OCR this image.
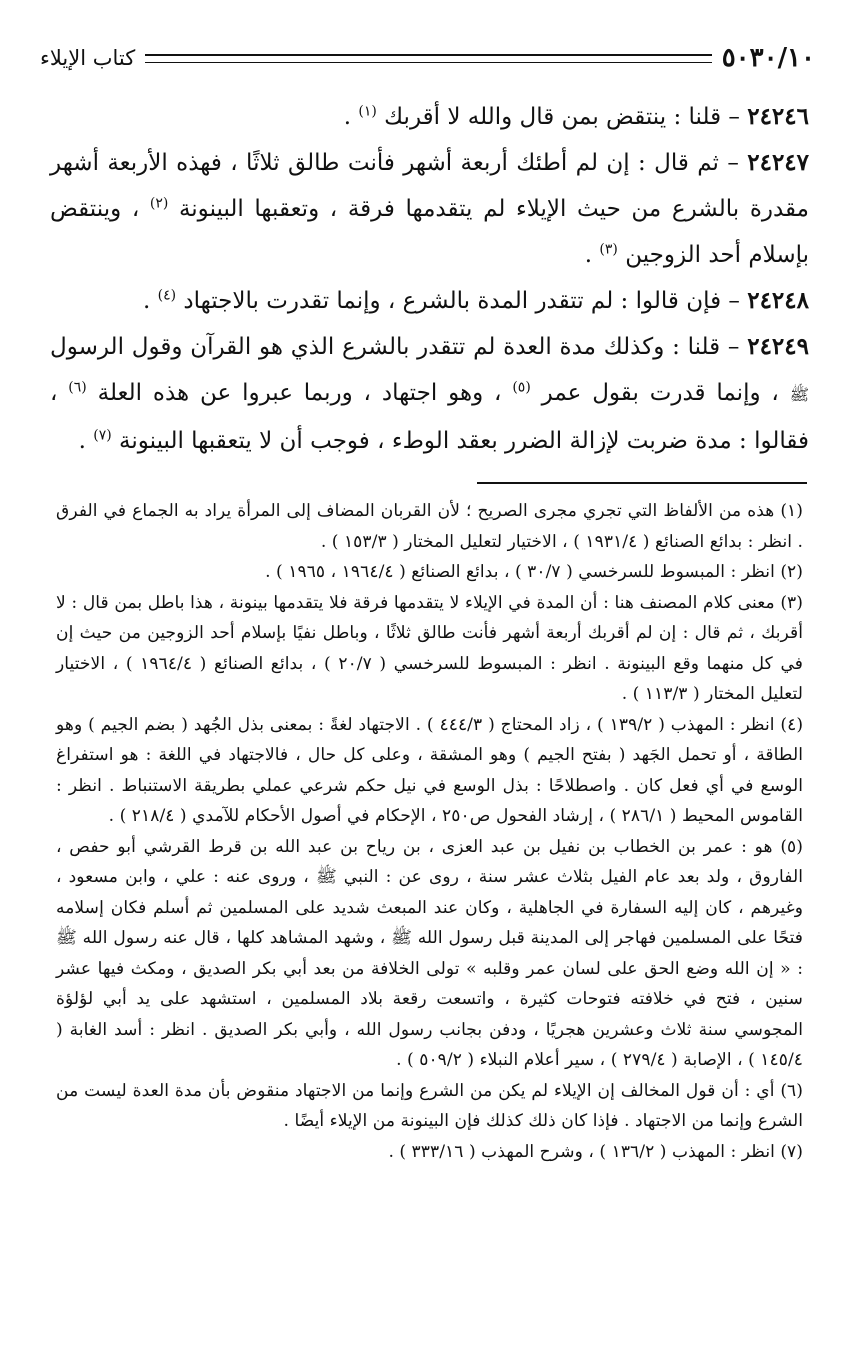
٥٠٣٠/١٠
كتاب الإيلاء

٢٤٢٤٦ – قلنا : ينتقض بمن قال والله لا أقربك $^{(١)}$ .

٢٤٢٤٧ – ثم قال : إن لم أطئك أربعة أشهر فأنت طالق ثلاثًا ، فهذه الأربعة أشهر مقدرة بالشرع من حيث الإيلاء لم يتقدمها فرقة ، وتعقبها البينونة $^{(٢)}$ ، وينتقض بإسلام أحد الزوجين $^{(٣)}$ .

٢٤٢٤٨ – فإن قالوا : لم تتقدر المدة بالشرع ، وإنما تقدرت بالاجتهاد $^{(٤)}$ .

٢٤٢٤٩ – قلنا : وكذلك مدة العدة لم تتقدر بالشرع الذي هو القرآن وقول الرسول ﷺ ، وإنما قدرت بقول عمر $^{(٥)}$ ، وهو اجتهاد ، وربما عبروا عن هذه العلة $^{(٦)}$ ، فقالوا : مدة ضربت لإزالة الضرر بعقد الوطء ، فوجب أن لا يتعقبها البينونة $^{(٧)}$ .

(١) هذه من الألفاظ التي تجري مجرى الصريح ؛ لأن القربان المضاف إلى المرأة يراد به الجماع في الفرق . انظر : بدائع الصنائع ( ١٩٣١/٤ ) ، الاختيار لتعليل المختار ( ١٥٣/٣ ) .

(٢) انظر : المبسوط للسرخسي ( ٣٠/٧ ) ، بدائع الصنائع ( ١٩٦٤/٤ ، ١٩٦٥ ) .

(٣) معنى كلام المصنف هنا : أن المدة في الإيلاء لا يتقدمها فرقة فلا يتقدمها بينونة ، هذا باطل بمن قال : لا أقربك ، ثم قال : إن لم أقربك أربعة أشهر فأنت طالق ثلاثًا ، وباطل نفيًا بإسلام أحد الزوجين من حيث إن في كل منهما وقع البينونة . انظر : المبسوط للسرخسي ( ٢٠/٧ ) ، بدائع الصنائع ( ١٩٦٤/٤ ) ، الاختيار لتعليل المختار ( ١١٣/٣ ) .

(٤) انظر : المهذب ( ١٣٩/٢ ) ، زاد المحتاج ( ٤٤٤/٣ ) . الاجتهاد لغةً : بمعنى بذل الجُهد ( بضم الجيم ) وهو الطاقة ، أو تحمل الجَهد ( بفتح الجيم ) وهو المشقة ، وعلى كل حال ، فالاجتهاد في اللغة : هو استفراغ الوسع في أي فعل كان . واصطلاحًا : بذل الوسع في نيل حكم شرعي عملي بطريقة الاستنباط . انظر : القاموس المحيط ( ٢٨٦/١ ) ، إرشاد الفحول ص٢٥٠ ، الإحكام في أصول الأحكام للآمدي ( ٢١٨/٤ ) .

(٥) هو : عمر بن الخطاب بن نفيل بن عبد العزى ، بن رياح بن عبد الله بن قرط القرشي أبو حفص ، الفاروق ، ولد بعد عام الفيل بثلاث عشر سنة ، روى عن : النبي ﷺ ، وروى عنه : علي ، وابن مسعود ، وغيرهم ، كان إليه السفارة في الجاهلية ، وكان عند المبعث شديد على المسلمين ثم أسلم فكان إسلامه فتحًا على المسلمين فهاجر إلى المدينة قبل رسول الله ﷺ ، وشهد المشاهد كلها ، قال عنه رسول الله ﷺ : « إن الله وضع الحق على لسان عمر وقلبه » تولى الخلافة من بعد أبي بكر الصديق ، ومكث فيها عشر سنين ، فتح في خلافته فتوحات كثيرة ، واتسعت رقعة بلاد المسلمين ، استشهد على يد أبي لؤلؤة المجوسي سنة ثلاث وعشرين هجريًا ، ودفن بجانب رسول الله ، وأبي بكر الصديق . انظر : أسد الغابة ( ١٤٥/٤ ) ، الإصابة ( ٢٧٩/٤ ) ، سير أعلام النبلاء ( ٥٠٩/٢ ) .

(٦) أي : أن قول المخالف إن الإيلاء لم يكن من الشرع وإنما من الاجتهاد منقوض بأن مدة العدة ليست من الشرع وإنما من الاجتهاد . فإذا كان ذلك كذلك فإن البينونة من الإيلاء أيضًا .

(٧) انظر : المهذب ( ١٣٦/٢ ) ، وشرح المهذب ( ٣٣٣/١٦ ) .
